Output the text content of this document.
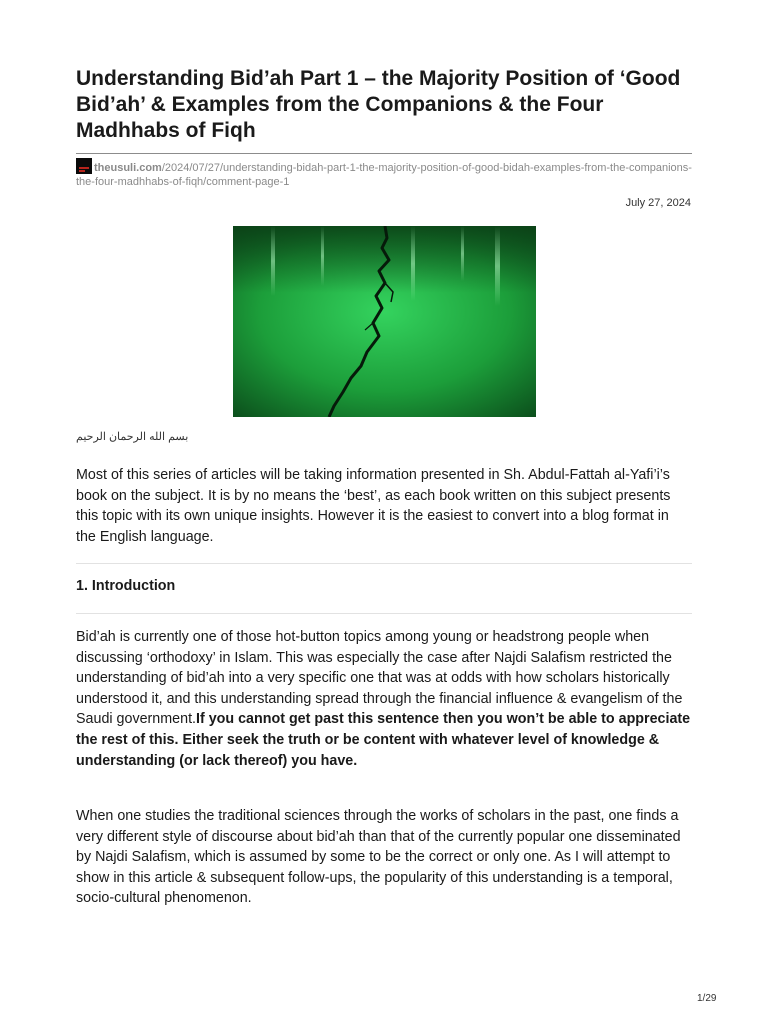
Understanding Bid’ah Part 1 – the Majority Position of ‘Good Bid’ah’ & Examples from the Companions & the Four Madhhabs of Fiqh
theusuli.com/2024/07/27/understanding-bidah-part-1-the-majority-position-of-good-bidah-examples-from-the-companions-the-four-madhhabs-of-fiqh/comment-page-1
July 27, 2024
بسم الله الرحمان الرحيم

Most of this series of articles will be taking information presented in Sh. Abdul-Fattah al-Yafi’i’s book on the subject. It is by no means the ‘best’, as each book written on this subject presents this topic with its own unique insights. However it is the easiest to convert into a blog format in the English language.

1. Introduction

Bid’ah is currently one of those hot-button topics among young or headstrong people when discussing ‘orthodoxy’ in Islam. This was especially the case after Najdi Salafism restricted the understanding of bid’ah into a very specific one that was at odds with how scholars historically understood it, and this understanding spread through the financial influence & evangelism of the Saudi government.If you cannot get past this sentence then you won’t be able to appreciate the rest of this. Either seek the truth or be content with whatever level of knowledge & understanding (or lack thereof) you have.

When one studies the traditional sciences through the works of scholars in the past, one finds a very different style of discourse about bid’ah than that of the currently popular one disseminated by Najdi Salafism, which is assumed by some to be the correct or only one. As I will attempt to show in this article & subsequent follow-ups, the popularity of this understanding is a temporal, socio-cultural phenomenon.

1/29
